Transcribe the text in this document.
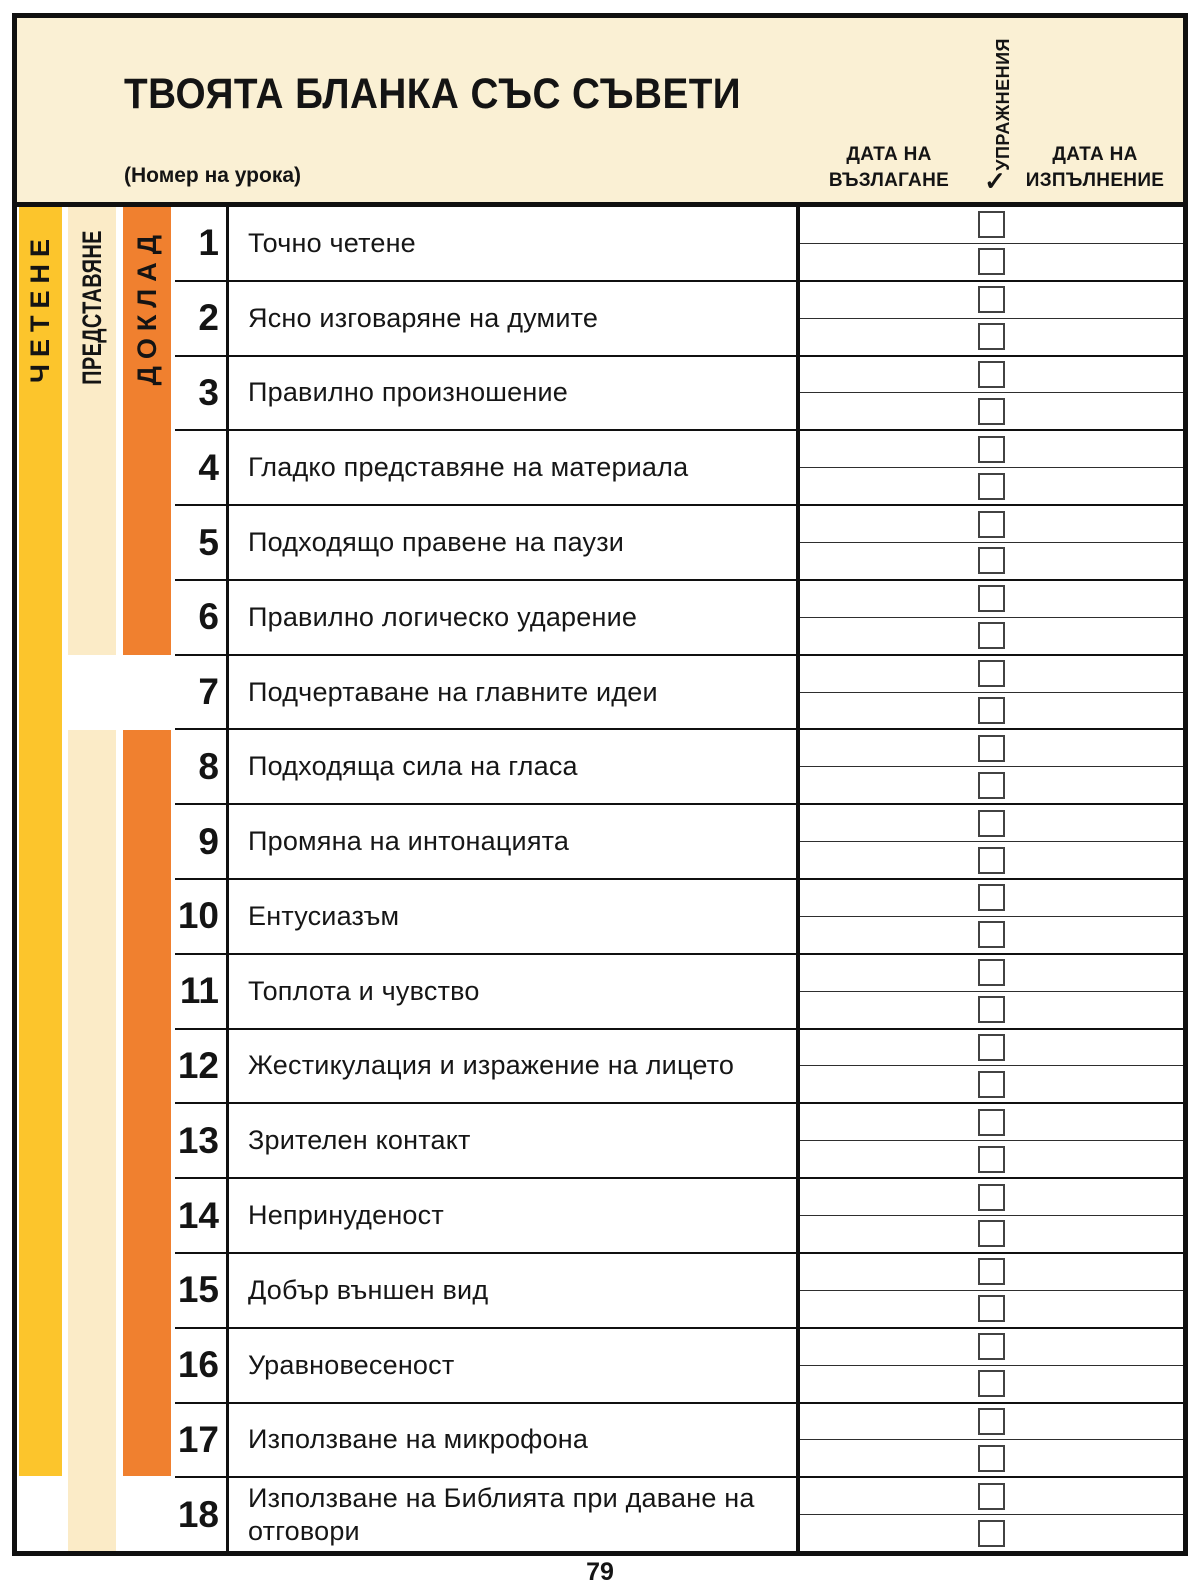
ТВОЯТА БЛАНКА СЪС СЪВЕТИ
(Номер на урока)
ДАТА НА
ВЪЗЛАГАНЕ
УПРАЖНЕНИЯ
✓
ДАТА НА
ИЗПЪЛНЕНИЕ
ЧЕТЕНЕ ПРЕДСТАВЯНЕ ДОКЛАД 1	Точно четене
2	Ясно изговаряне на думите
3	Правилно произношение
4	Гладко представяне на материала
5	Подходящо правене на паузи
6	Правилно логическо ударение
7	Подчертаване на главните идеи
8	Подходяща сила на гласа
9	Промяна на интонацията
10	Ентусиазъм
11	Топлота и чувство
12	Жестикулация и изражение на лицето
13	Зрителен контакт
14	Непринуденост
15	Добър външен вид
16	Уравновесеност
17	Използване на микрофона
18	Използване на Библията при даване на отговори
79
